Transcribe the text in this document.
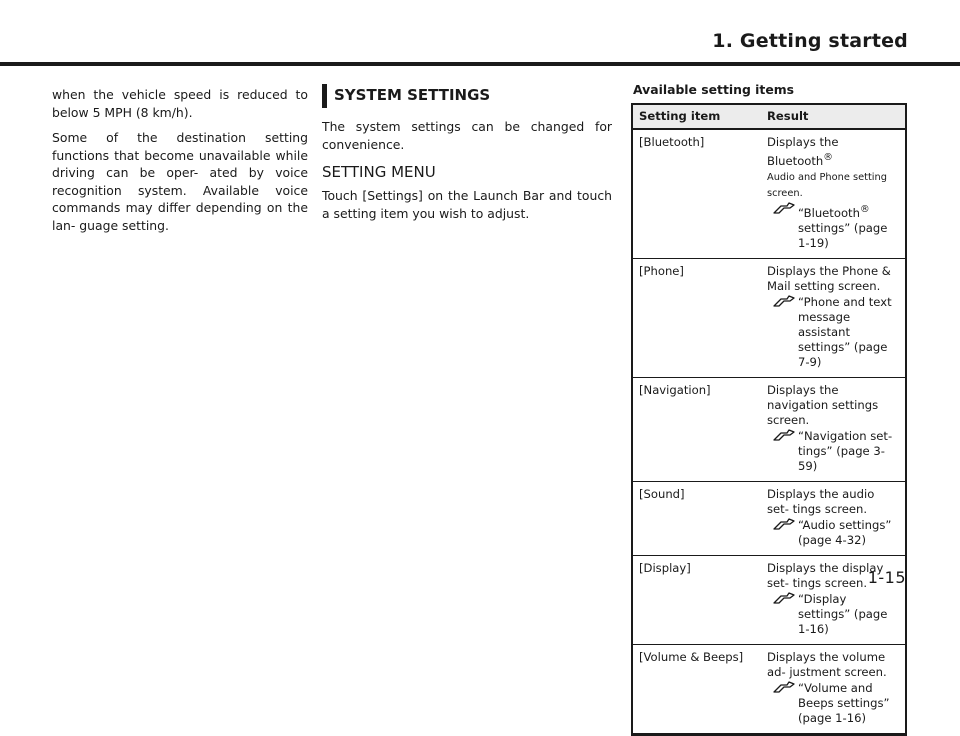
1. Getting started

when the vehicle speed is reduced to below 5 MPH (8 km/h).

Some of the destination setting functions that become unavailable while driving can be oper- ated by voice recognition system. Available voice commands may differ depending on the lan- guage setting.

SYSTEM SETTINGS

The system settings can be changed for convenience.

SETTING MENU

Touch [Settings] on the Launch Bar and touch a setting item you wish to adjust.

Available setting items
Setting item	Result
[Bluetooth]	Displays the Bluetooth®
Audio and Phone setting screen.
“Bluetooth® settings” (page 1-19)

[Phone]	Displays the Phone & Mail setting screen.
“Phone and text message assistant settings” (page 7-9)

[Navigation]	Displays the navigation settings screen.
“Navigation set- tings” (page 3-59)

[Sound]	Displays the audio set- tings screen.
“Audio settings” (page 4-32)

[Display]	Displays the display set- tings screen.
“Display settings” (page 1-16)

[Volume & Beeps]	Displays the volume ad- justment screen.
“Volume and Beeps settings” (page 1-16)
1-15
